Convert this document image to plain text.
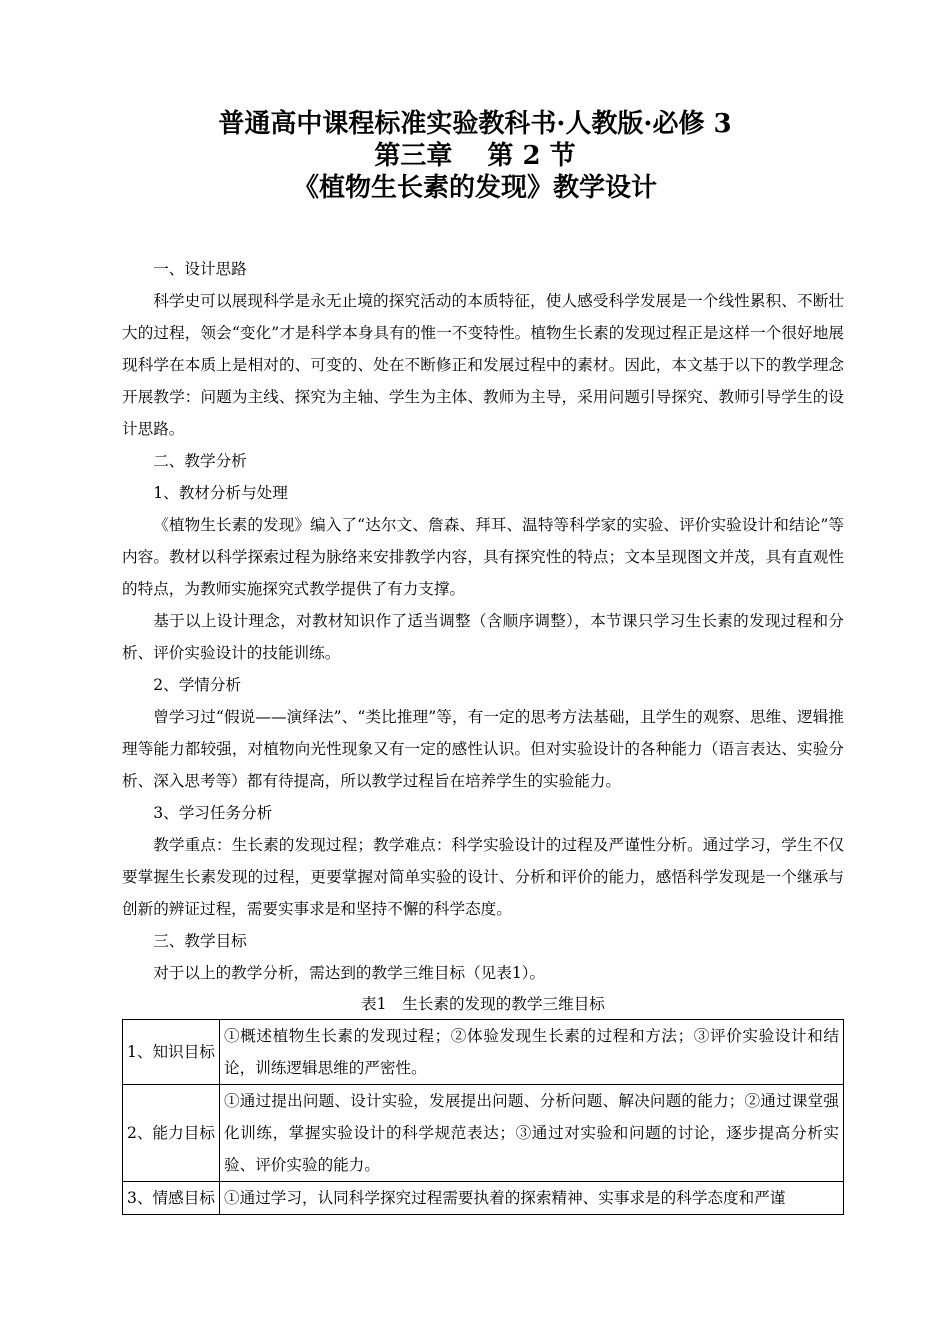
普通高中课程标准实验教科书·人教版·必修 3
第三章　 第 2 节
《植物生长素的发现》教学设计

一、设计思路

科学史可以展现科学是永无止境的探究活动的本质特征，使人感受科学发展是一个线性累积、不断壮大的过程，领会“变化”才是科学本身具有的惟一不变特性。植物生长素的发现过程正是这样一个很好地展现科学在本质上是相对的、可变的、处在不断修正和发展过程中的素材。因此，本文基于以下的教学理念开展教学：问题为主线、探究为主轴、学生为主体、教师为主导，采用问题引导探究、教师引导学生的设计思路。

二、教学分析

1、教材分析与处理

《植物生长素的发现》编入了“达尔文、詹森、拜耳、温特等科学家的实验、评价实验设计和结论”等内容。教材以科学探索过程为脉络来安排教学内容，具有探究性的特点；文本呈现图文并茂，具有直观性的特点，为教师实施探究式教学提供了有力支撑。

基于以上设计理念，对教材知识作了适当调整（含顺序调整），本节课只学习生长素的发现过程和分析、评价实验设计的技能训练。

2、学情分析

曾学习过“假说——演绎法”、“类比推理”等，有一定的思考方法基础，且学生的观察、思维、逻辑推理等能力都较强，对植物向光性现象又有一定的感性认识。但对实验设计的各种能力（语言表达、实验分析、深入思考等）都有待提高，所以教学过程旨在培养学生的实验能力。

3、学习任务分析

教学重点：生长素的发现过程；教学难点：科学实验设计的过程及严谨性分析。通过学习，学生不仅要掌握生长素发现的过程，更要掌握对简单实验的设计、分析和评价的能力，感悟科学发现是一个继承与创新的辨证过程，需要实事求是和坚持不懈的科学态度。

三、教学目标

对于以上的教学分析，需达到的教学三维目标（见表1）。

表1　生长素的发现的教学三维目标

1、知识目标	①概述植物生长素的发现过程；②体验发现生长素的过程和方法；③评价实验设计和结论，训练逻辑思维的严密性。
2、能力目标	①通过提出问题、设计实验，发展提出问题、分析问题、解决问题的能力；②通过课堂强化训练，掌握实验设计的科学规范表达；③通过对实验和问题的讨论，逐步提高分析实验、评价实验的能力。
3、情感目标	①通过学习，认同科学探究过程需要执着的探索精神、实事求是的科学态度和严谨
